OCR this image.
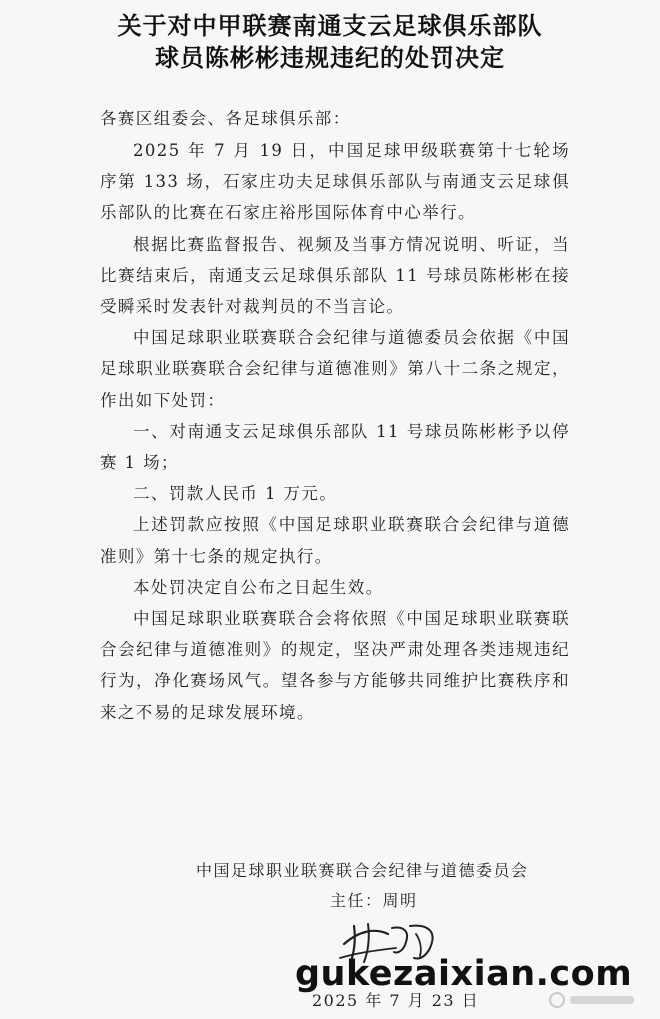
关于对中甲联赛南通支云足球俱乐部队
球员陈彬彬违规违纪的处罚决定
各赛区组委会、各足球俱乐部：

2025 年 7 月 19 日，中国足球甲级联赛第十七轮场序第 133 场，石家庄功夫足球俱乐部队与南通支云足球俱乐部队的比赛在石家庄裕彤国际体育中心举行。

根据比赛监督报告、视频及当事方情况说明、听证，当比赛结束后，南通支云足球俱乐部队 11 号球员陈彬彬在接受瞬采时发表针对裁判员的不当言论。

中国足球职业联赛联合会纪律与道德委员会依据《中国足球职业联赛联合会纪律与道德准则》第八十二条之规定，作出如下处罚：

一、对南通支云足球俱乐部队 11 号球员陈彬彬予以停赛 1 场；

二、罚款人民币 1 万元。

上述罚款应按照《中国足球职业联赛联合会纪律与道德准则》第十七条的规定执行。

本处罚决定自公布之日起生效。

中国足球职业联赛联合会将依照《中国足球职业联赛联合会纪律与道德准则》的规定，坚决严肃处理各类违规违纪行为，净化赛场风气。望各参与方能够共同维护比赛秩序和来之不易的足球发展环境。

中国足球职业联赛联合会纪律与道德委员会
主任：周明
gukezaixian.com
2025 年 7 月 23 日
